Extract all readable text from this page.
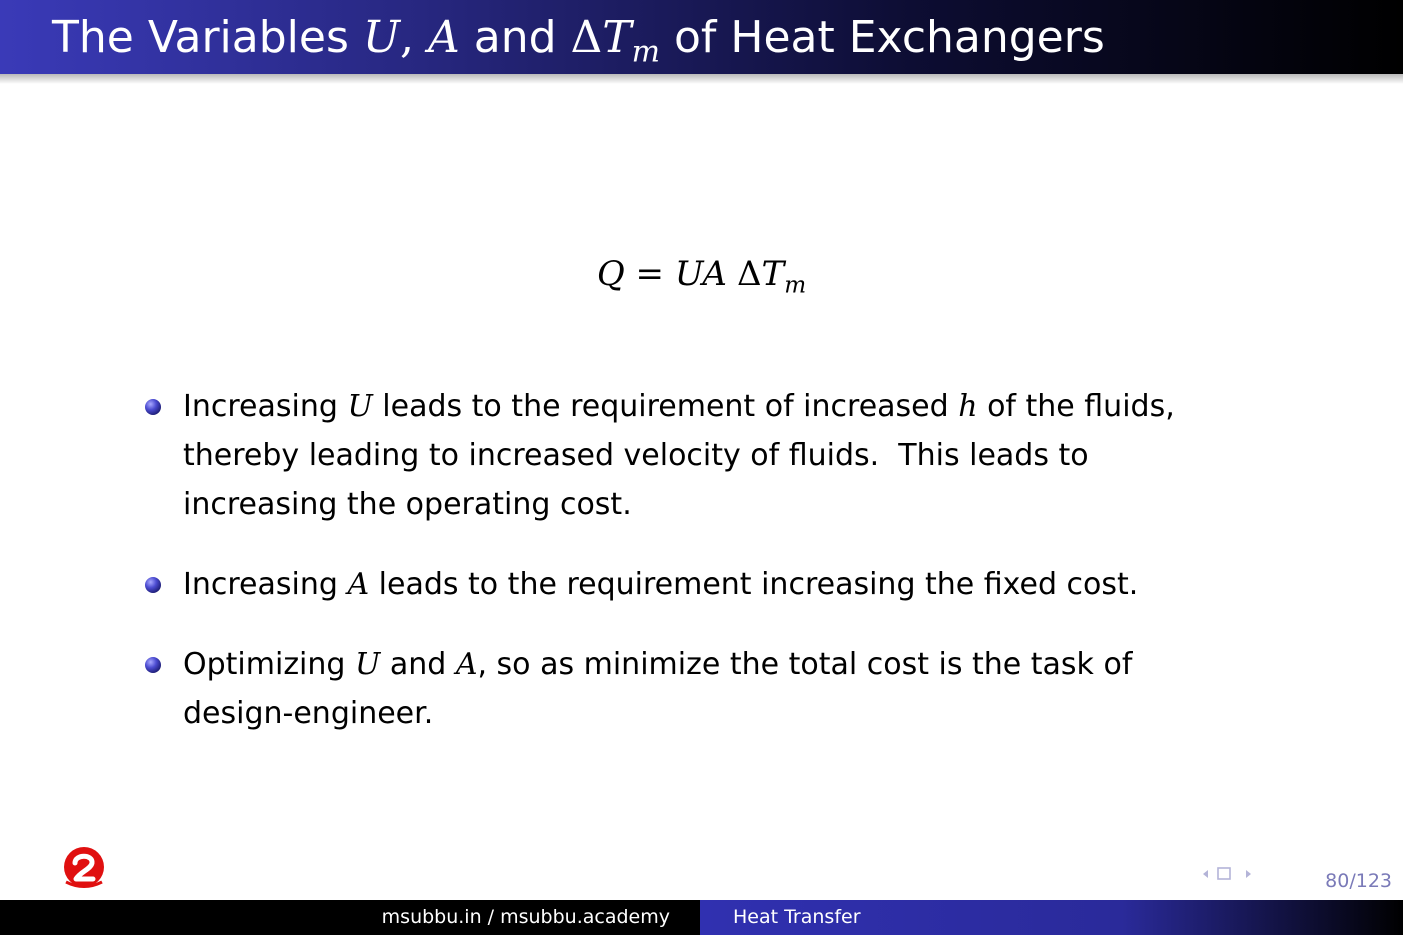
The Variables U, A and $\Delta T_m$ of Heat Exchangers
Q = UA $\Delta T_m$
Increasing U leads to the requirement of increased h of the fluids,
thereby leading to increased velocity of fluids.  This leads to
increasing the operating cost.
Increasing A leads to the requirement increasing the fixed cost.
Optimizing U and A, so as minimize the total cost is the task of
design-engineer.
80/123
msubbu.in / msubbu.academy	Heat Transfer
